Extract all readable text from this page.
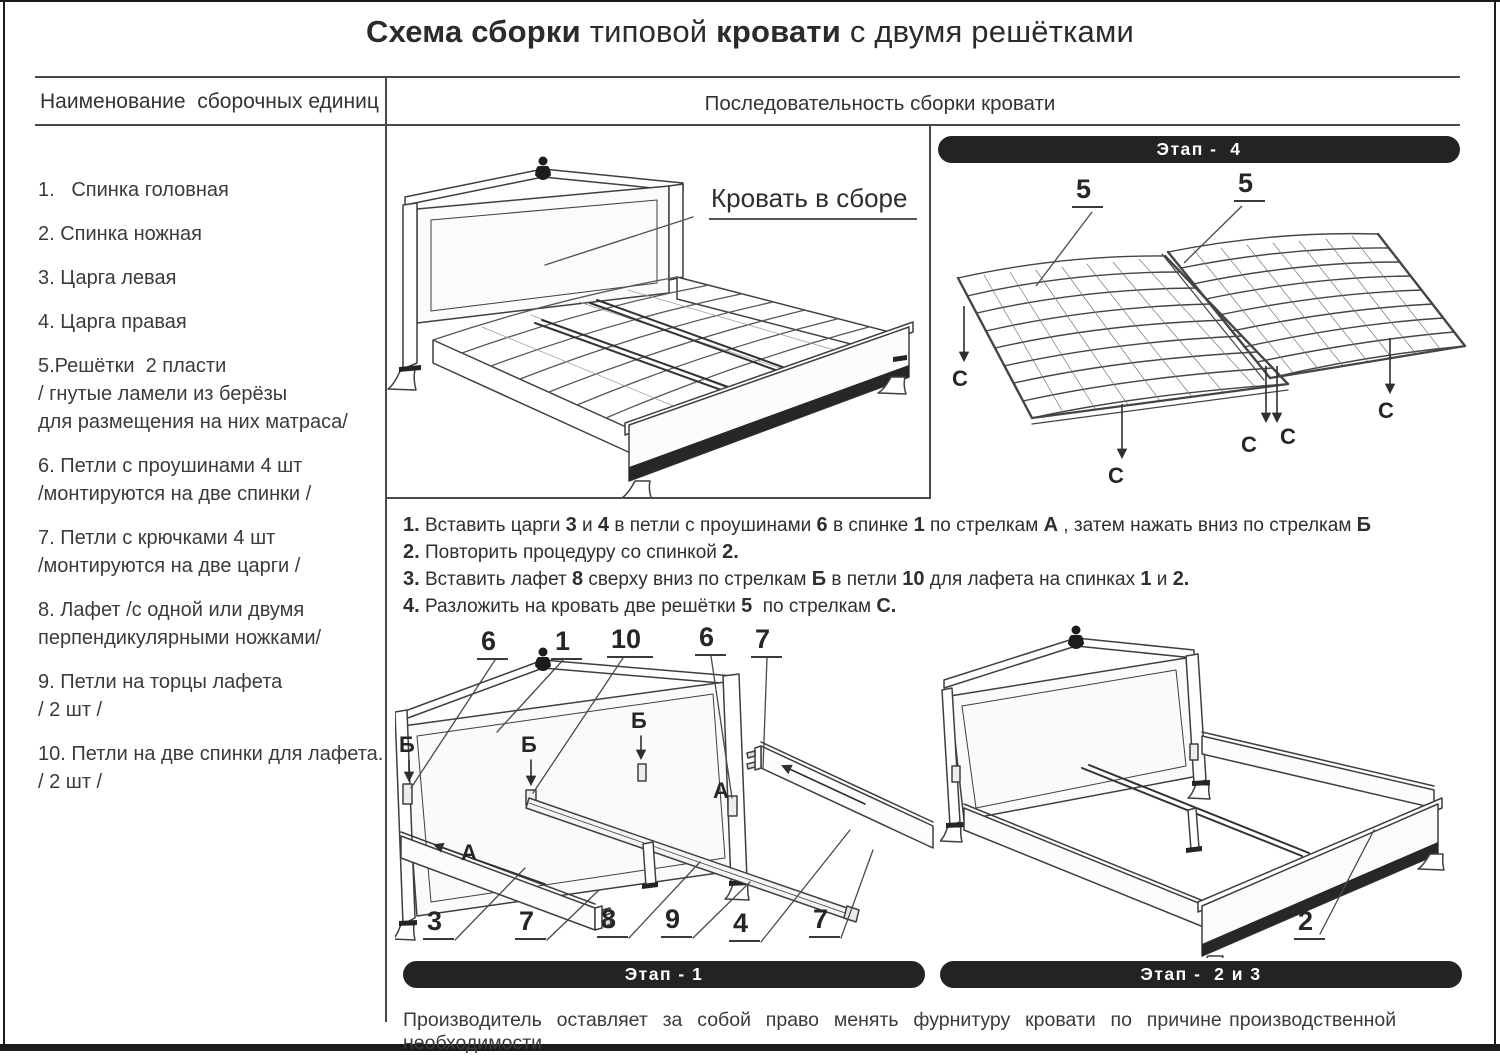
Схема сборки типовой кровати с двумя решётками
Наименование  сборочных единиц	Последовательность сборки кровати
1.   Спинка головная
2. Спинка ножная
3. Царга левая
4. Царга правая
5.Решётки  2 пласти
/ гнутые ламели из берёзы
для размещения на них матраса/
6. Петли с проушинами 4 шт
/монтируются на две спинки /
7. Петли с крючками 4 шт
/монтируются на две царги /
8. Лафет /с одной или двумя
перпендикулярными ножками/
9. Петли на торцы лафета
/ 2 шт /
10. Петли на две спинки для лафета.
/ 2 шт /
Кровать в сборе
Этап -  4
5	5
С
С
С С
С
1. Вставить царги 3 и 4 в петли с проушинами 6 в спинке 1 по стрелкам А , затем нажать вниз по стрелкам Б
2. Повторить процедуру со спинкой 2.
3. Вставить лафет 8 сверху вниз по стрелкам Б в петли 10 для лафета на спинках 1 и 2.
4. Разложить на кровать две решётки 5  по стрелкам С.
6	1	10	6	7
Б	Б
Б
А
А
3	7	8	9	4	7
Этап - 1
2
Этап -  2 и 3
Производитель  оставляет  за  собой  право  менять  фурнитуру  кровати  по  причине производственной необходимости
